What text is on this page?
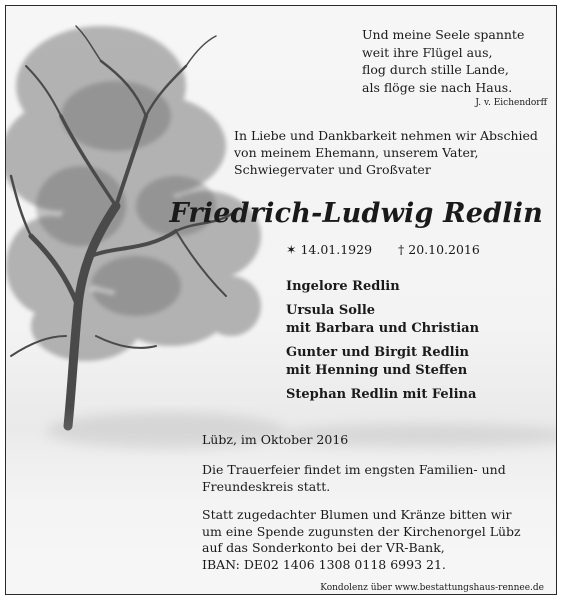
Und meine Seele spannte
weit ihre Flügel aus,
flog durch stille Lande,
als flöge sie nach Haus.

J. v. Eichendorff

In Liebe und Dankbarkeit nehmen wir Abschied
von meinem Ehemann, unserem Vater,
Schwiegervater und Großvater

Friedrich-Ludwig Redlin
✶ 14.01.1929 † 20.10.2016

Ingelore Redlin

Ursula Solle
mit Barbara und Christian

Gunter und Birgit Redlin
mit Henning und Steffen

Stephan Redlin mit Felina

Lübz, im Oktober 2016

Die Trauerfeier findet im engsten Familien- und
Freundeskreis statt.

Statt zugedachter Blumen und Kränze bitten wir
um eine Spende zugunsten der Kirchenorgel Lübz
auf das Sonderkonto bei der VR-Bank,
IBAN: DE02 1406 1308 0118 6993 21.

Kondolenz über www.bestattungshaus-rennee.de
